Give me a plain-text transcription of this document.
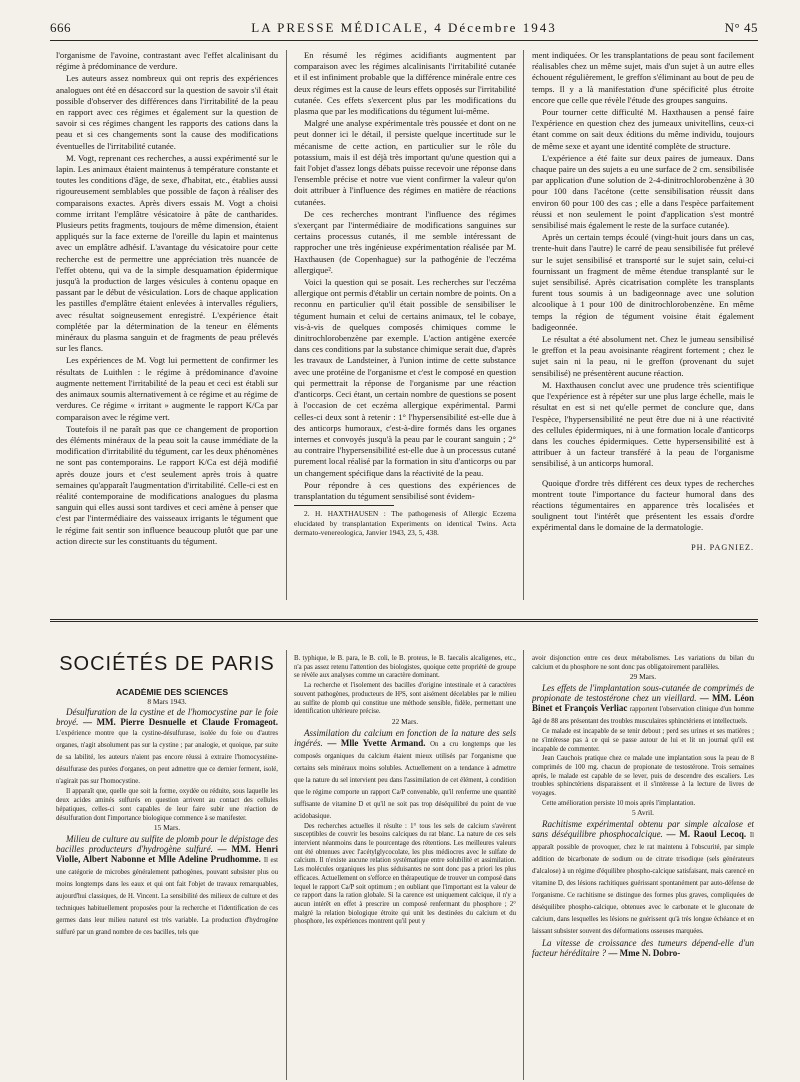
666	LA PRESSE MÉDICALE, 4 Décembre 1943	N° 45

l'organisme de l'avoine, contrastant avec l'effet alcalinisant du régime à prédominance de verdure.

Les auteurs assez nombreux qui ont repris des expériences analogues ont été en désaccord sur la question de savoir s'il était possible d'observer des différences dans l'irritabilité de la peau en rapport avec ces régimes et également sur la question de savoir si ces régimes changent les rapports des cations dans la peau et si ces changements sont la cause des modifications éventuelles de l'irritabilité cutanée.

M. Vogt, reprenant ces recherches, a aussi expérimenté sur le lapin. Les animaux étaient maintenus à température constante et toutes les conditions d'âge, de sexe, d'habitat, etc., établies aussi rigoureusement semblables que possible de façon à réaliser des comparaisons exactes. Après divers essais M. Vogt a choisi comme irritant l'emplâtre vésicatoire à pâte de cantharides. Plusieurs petits fragments, toujours de même dimension, étaient appliqués sur la face externe de l'oreille du lapin et maintenus avec un emplâtre adhésif. L'avantage du vésicatoire pour cette recherche est de permettre une appréciation très nuancée de l'effet obtenu, qui va de la simple desquamation épidermique jusqu'à la production de larges vésicules à contenu opaque en passant par le début de vésiculation. Lors de chaque application les pastilles d'emplâtre étaient enlevées à intervalles réguliers, avec résultat soigneusement enregistré. L'expérience était complétée par la détermination de la teneur en éléments minéraux du plasma sanguin et de fragments de peau prélevés sur les flancs.

Les expériences de M. Vogt lui permettent de confirmer les résultats de Luithlen : le régime à prédominance d'avoine augmente nettement l'irritabilité de la peau et ceci est établi sur des animaux soumis alternativement à ce régime et au régime de verdures. Ce régime « irritant » augmente le rapport K/Ca par comparaison avec le régime vert.

Toutefois il ne paraît pas que ce changement de proportion des éléments minéraux de la peau soit la cause immédiate de la modification d'irritabilité du tégument, car les deux phénomènes ne sont pas contemporains. Le rapport K/Ca est déjà modifié après douze jours et c'est seulement après trois à quatre semaines qu'apparaît l'augmentation d'irritabilité. Celle-ci est en réalité contemporaine de modifications analogues du plasma sanguin qui elles aussi sont tardives et ceci amène à penser que c'est par l'intermédiaire des vaisseaux irrigants le tégument que le régime fait sentir son influence beaucoup plutôt que par une action directe sur les constituants du tégument.

En résumé les régimes acidifiants augmentent par comparaison avec les régimes alcalinisants l'irritabilité cutanée et il est infiniment probable que la différence minérale entre ces deux régimes est la cause de leurs effets opposés sur l'irritabilité cutanée. Ces effets s'exercent plus par les modifications du plasma que par les modifications du tégument lui-même.

Malgré une analyse expérimentale très poussée et dont on ne peut donner ici le détail, il persiste quelque incertitude sur le mécanisme de cette action, en particulier sur le rôle du potassium, mais il est déjà très important qu'une question qui a fait l'objet d'assez longs débats puisse recevoir une réponse dans l'ensemble précise et notre vue vient confirmer la valeur qu'on doit attribuer à l'influence des régimes en matière de réactions cutanées.

De ces recherches montrant l'influence des régimes s'exerçant par l'intermédiaire de modifications sanguines sur certains processus cutanés, il me semble intéressant de rapprocher une très ingénieuse expérimentation réalisée par M. Haxthausen (de Copenhague) sur la pathogénie de l'eczéma allergique².

Voici la question qui se posait. Les recherches sur l'eczéma allergique ont permis d'établir un certain nombre de points. On a reconnu en particulier qu'il était possible de sensibiliser le tégument humain et celui de certains animaux, tel le cobaye, vis-à-vis de quelques composés chimiques comme le dinitrochlorobenzène par exemple. L'action antigène exercée dans ces conditions par la substance chimique serait due, d'après les travaux de Landsteiner, à l'union intime de cette substance avec une protéine de l'organisme et c'est le composé en question qui permettrait la réponse de l'organisme par une réaction d'anticorps. Ceci étant, un certain nombre de questions se posent à l'occasion de cet eczéma allergique expérimental. Parmi celles-ci deux sont à retenir : 1° l'hypersensibilité est-elle due à des anticorps humoraux, c'est-à-dire formés dans les organes internes et convoyés jusqu'à la peau par le courant sanguin ; 2° au contraire l'hypersensibilité est-elle due à un processus cutané purement local réalisé par la formation in situ d'anticorps ou par un changement spécifique dans la réactivité de la peau.

Pour répondre à ces questions des expériences de transplantation du tégument sensibilisé sont évidem-

2. H. HAXTHAUSEN : The pathogenesis of Allergic Eczema elucidated by transplantation Experiments on identical Twins. Acta dermato-venereologica, Janvier 1943, 23, 5, 438.

ment indiquées. Or les transplantations de peau sont facilement réalisables chez un même sujet, mais d'un sujet à un autre elles échouent régulièrement, le greffon s'éliminant au bout de peu de temps. Il y a là manifestation d'une spécificité plus étroite encore que celle que révèle l'étude des groupes sanguins.

Pour tourner cette difficulté M. Haxthausen a pensé faire l'expérience en question chez des jumeaux univitellins, ceux-ci étant comme on sait deux éditions du même individu, toujours de même sexe et ayant une identité complète de structure.

L'expérience a été faite sur deux paires de jumeaux. Dans chaque paire un des sujets a eu une surface de 2 cm. sensibilisée par application d'une solution de 2-4-dinitrochlorobenzène à 30 pour 100 dans l'acétone (cette sensibilisation réussit dans environ 60 pour 100 des cas ; elle a dans l'espèce parfaitement réussi et non seulement le point d'application s'est montré sensibilisé mais également le reste de la surface cutanée).

Après un certain temps écoulé (vingt-huit jours dans un cas, trente-huit dans l'autre) le carré de peau sensibilisée fut prélevé sur le sujet sensibilisé et transporté sur le sujet sain, celui-ci fournissant un fragment de même étendue transplanté sur le sujet sensibilisé. Après cicatrisation complète les transplants furent tous soumis à un badigeonnage avec une solution alcoolique à 1 pour 100 de dinitrochlorobenzène. En même temps la région de tégument voisine était également badigeonnée.

Le résultat a été absolument net. Chez le jumeau sensibilisé le greffon et la peau avoisinante réagirent fortement ; chez le sujet sain ni la peau, ni le greffon (provenant du sujet sensibilisé) ne présentèrent aucune réaction.

M. Haxthausen conclut avec une prudence très scientifique que l'expérience est à répéter sur une plus large échelle, mais le résultat en est si net qu'elle permet de conclure que, dans l'espèce, l'hypersensibilité ne peut être due ni à une réactivité des cellules épidermiques, ni à une formation locale d'anticorps dans les couches épidermiques. Cette hypersensibilité est à attribuer à un facteur transféré à la peau de l'organisme sensibilisé, à un anticorps humoral.

Quoique d'ordre très différent ces deux types de recherches montrent toute l'importance du facteur humoral dans des réactions tégumentaires en apparence très localisées et soulignent tout l'intérêt que présentent les essais d'ordre expérimental dans le domaine de la dermatologie.

PH. PAGNIEZ.
SOCIÉTÉS DE PARIS

ACADÉMIE DES SCIENCES

8 Mars 1943.

Désulfuration de la cystine et de l'homocystine par le foie broyé. — MM. Pierre Desnuelle et Claude Fromageot. L'expérience montre que la cystine-désulfurase, isolée du foie ou d'autres organes, n'agit absolument pas sur la cystine ; par analogie, et quoique, par suite de sa labilité, les auteurs n'aient pas encore réussi à extraire l'homocystéine-désulfurase des purées d'organes, on peut admettre que ce dernier ferment, isolé, n'agirait pas sur l'homocystine.

Il apparaît que, quelle que soit la forme, oxydée ou réduite, sous laquelle les deux acides aminés sulfurés en question arrivent au contact des cellules hépatiques, celles-ci sont capables de leur faire subir une réaction de désulfuration dont l'importance biologique commence à se manifester.

15 Mars.

Milieu de culture au sulfite de plomb pour le dépistage des bacilles producteurs d'hydrogène sulfuré. — MM. Henri Violle, Albert Nabonne et Mlle Adeline Prudhomme. Il est une catégorie de microbes généralement pathogènes, pouvant subsister plus ou moins longtemps dans les eaux et qui ont fait l'objet de travaux remarquables, aujourd'hui classiques, de H. Vincent. La sensibilité des milieux de culture et des techniques habituellement proposées pour la recherche et l'identification de ces germes dans leur milieu naturel est très variable. La production d'hydrogène sulfuré par un grand nombre de ces bacilles, tels que

B. typhique, le B. para, le B. coli, le B. proteus, le B. faecalis alcaligenes, etc., n'a pas assez retenu l'attention des biologistes, quoique cette propriété de groupe se révèle aux analyses comme un caractère dominant.

La recherche et l'isolement des bacilles d'origine intestinale et à caractères souvent pathogènes, producteurs de H²S, sont aisément décelables par le milieu au sulfite de plomb qui constitue une méthode sensible, fidèle, permettant une identification ultérieure précise.

22 Mars.

Assimilation du calcium en fonction de la nature des sels ingérés. — Mlle Yvette Armand. On a cru longtemps que les composés organiques du calcium étaient mieux utilisés par l'organisme que certains sels minéraux moins solubles. Actuellement on a tendance à admettre que la nature du sel intervient peu dans l'assimilation de cet élément, à condition que le régime comporte un rapport Ca/P convenable, qu'il renferme une quantité suffisante de vitamine D et qu'il ne soit pas trop déséquilibré du point de vue acidobasique.

Des recherches actuelles il résulte : 1° tous les sels de calcium s'avèrent susceptibles de couvrir les besoins calciques du rat blanc. La nature de ces sels intervient néanmoins dans le pourcentage des rétentions. Les meilleures valeurs ont été obtenues avec l'acétylglycocolate, les plus médiocres avec le sulfate de calcium. Il n'existe aucune relation systématique entre solubilité et assimilation. Les molécules organiques les plus séduisantes ne sont donc pas a priori les plus efficaces. Actuellement on s'efforce en thérapeutique de trouver un composé dans lequel le rapport Ca/P soit optimum ; en oubliant que l'important est la valeur de ce rapport dans la ration globale. Si la carence est uniquement calcique, il n'y a aucun intérêt en effet à prescrire un composé renfermant du phosphore ; 2° malgré la relation biologique étroite qui unit les destinées du calcium et du phosphore, les expériences montrent qu'il peut y

avoir disjonction entre ces deux métabolismes. Les variations du bilan du calcium et du phosphore ne sont donc pas obligatoirement parallèles.

29 Mars.

Les effets de l'implantation sous-cutanée de comprimés de propionate de testostérone chez un vieillard. — MM. Léon Binet et François Verliac rapportent l'observation clinique d'un homme âgé de 88 ans présentant des troubles musculaires sphinctériens et intellectuels.

Ce malade est incapable de se tenir debout ; perd ses urines et ses matières ; ne s'intéresse pas à ce qui se passe autour de lui et lit un journal qu'il est incapable de commenter.

Jean Cauchois pratique chez ce malade une implantation sous la peau de 8 comprimés de 100 mg. chacun de propionate de testostérone. Trois semaines après, le malade est capable de se lever, puis de descendre des escaliers. Les troubles sphinctériens disparaissent et il s'intéresse à la lecture de livres de voyages.

Cette amélioration persiste 10 mois après l'implantation.

5 Avril.

Rachitisme expérimental obtenu par simple alcalose et sans déséquilibre phosphocalcique. — M. Raoul Lecoq. Il apparaît possible de provoquer, chez le rat maintenu à l'obscurité, par simple addition de bicarbonate de sodium ou de citrate trisodique (sels générateurs d'alcalose) à un régime d'équilibre phospho-calcique satisfaisant, mais carencé en vitamine D, des lésions rachitiques guérissant spontanément par auto-défense de l'organisme. Ce rachitisme se distingue des formes plus graves, compliquées de déséquilibre phospho-calcique, obtenues avec le carbonate et le gluconate de calcium, dans lesquelles les lésions ne guérissent qu'à très longue échéance et en laissant subsister souvent des déformations osseuses marquées.

La vitesse de croissance des tumeurs dépend-elle d'un facteur héréditaire ? — Mme N. Dobro-
